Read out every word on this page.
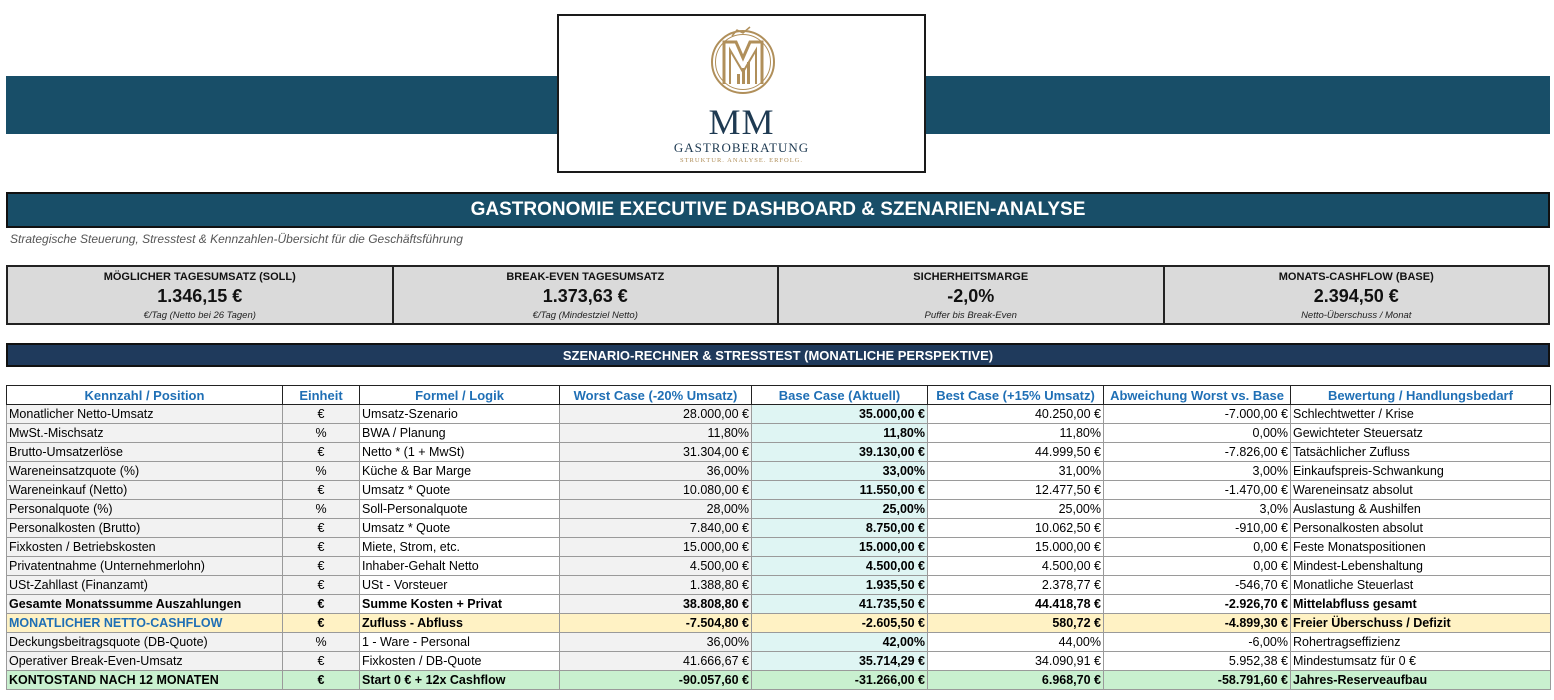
MM
GASTROBERATUNG
STRUKTUR. ANALYSE. ERFOLG.
GASTRONOMIE EXECUTIVE DASHBOARD & SZENARIEN-ANALYSE
Strategische Steuerung, Stresstest & Kennzahlen-Übersicht für die Geschäftsführung
MÖGLICHER TAGESUMSATZ (SOLL)
1.346,15 €
€/Tag (Netto bei 26 Tagen)
BREAK-EVEN TAGESUMSATZ
1.373,63 €
€/Tag (Mindestziel Netto)
SICHERHEITSMARGE
-2,0%
Puffer bis Break-Even
MONATS-CASHFLOW (BASE)
2.394,50 €
Netto-Überschuss / Monat
SZENARIO-RECHNER & STRESSTEST (MONATLICHE PERSPEKTIVE)
Kennzahl / Position	Einheit	Formel / Logik	Worst Case (-20% Umsatz)	Base Case (Aktuell)	Best Case (+15% Umsatz)	Abweichung Worst vs. Base	Bewertung / Handlungsbedarf
Monatlicher Netto-Umsatz	€	Umsatz-Szenario	28.000,00 €	35.000,00 €	40.250,00 €	-7.000,00 €	Schlechtwetter / Krise
MwSt.-Mischsatz	%	BWA / Planung	11,80%	11,80%	11,80%	0,00%	Gewichteter Steuersatz
Brutto-Umsatzerlöse	€	Netto * (1 + MwSt)	31.304,00 €	39.130,00 €	44.999,50 €	-7.826,00 €	Tatsächlicher Zufluss
Wareneinsatzquote (%)	%	Küche & Bar Marge	36,00%	33,00%	31,00%	3,00%	Einkaufspreis-Schwankung
Wareneinkauf (Netto)	€	Umsatz * Quote	10.080,00 €	11.550,00 €	12.477,50 €	-1.470,00 €	Wareneinsatz absolut
Personalquote (%)	%	Soll-Personalquote	28,00%	25,00%	25,00%	3,0%	Auslastung & Aushilfen
Personalkosten (Brutto)	€	Umsatz * Quote	7.840,00 €	8.750,00 €	10.062,50 €	-910,00 €	Personalkosten absolut
Fixkosten / Betriebskosten	€	Miete, Strom, etc.	15.000,00 €	15.000,00 €	15.000,00 €	0,00 €	Feste Monatspositionen
Privatentnahme (Unternehmerlohn)	€	Inhaber-Gehalt Netto	4.500,00 €	4.500,00 €	4.500,00 €	0,00 €	Mindest-Lebenshaltung
USt-Zahllast (Finanzamt)	€	USt - Vorsteuer	1.388,80 €	1.935,50 €	2.378,77 €	-546,70 €	Monatliche Steuerlast
Gesamte Monatssumme Auszahlungen	€	Summe Kosten + Privat	38.808,80 €	41.735,50 €	44.418,78 €	-2.926,70 €	Mittelabfluss gesamt
MONATLICHER NETTO-CASHFLOW	€	Zufluss - Abfluss	-7.504,80 €	-2.605,50 €	580,72 €	-4.899,30 €	Freier Überschuss / Defizit
Deckungsbeitragsquote (DB-Quote)	%	1 - Ware - Personal	36,00%	42,00%	44,00%	-6,00%	Rohertragseffizienz
Operativer Break-Even-Umsatz	€	Fixkosten / DB-Quote	41.666,67 €	35.714,29 €	34.090,91 €	5.952,38 €	Mindestumsatz für 0 €
KONTOSTAND NACH 12 MONATEN	€	Start 0 € + 12x Cashflow	-90.057,60 €	-31.266,00 €	6.968,70 €	-58.791,60 €	Jahres-Reserveaufbau
